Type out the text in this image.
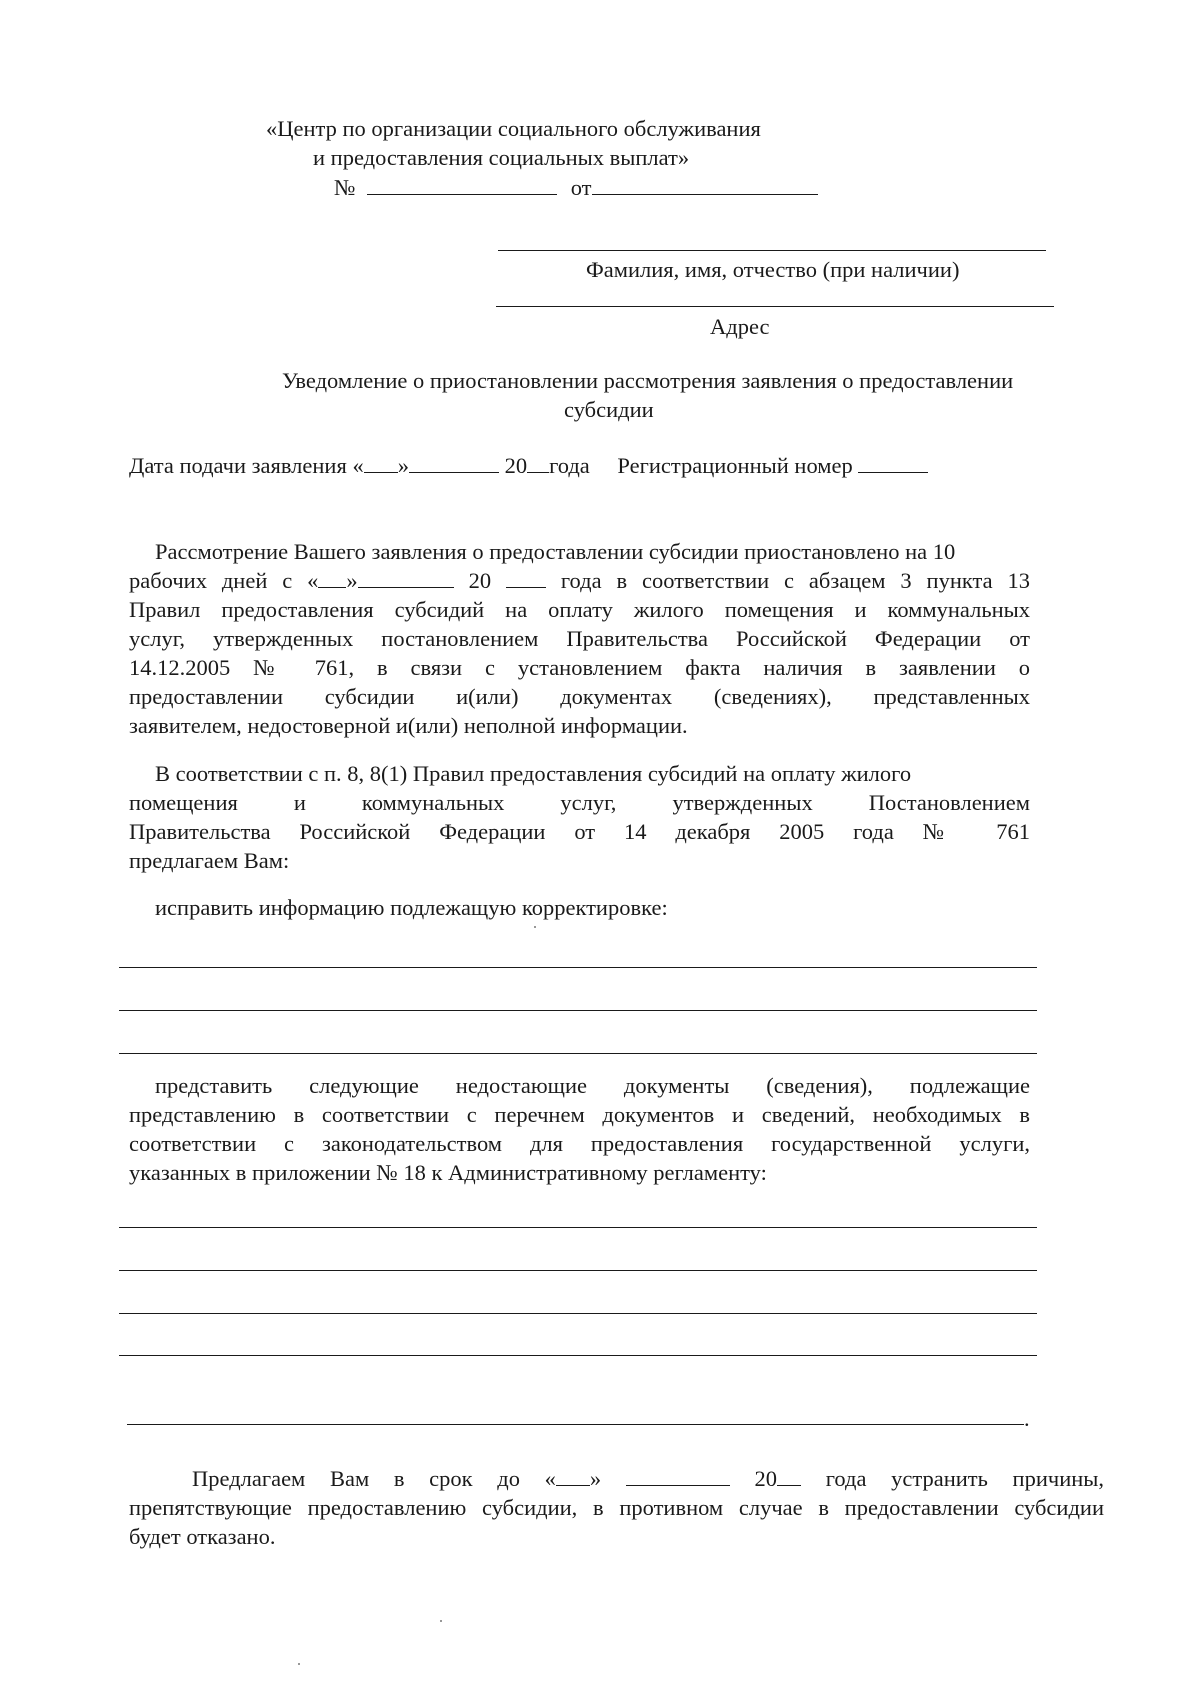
«Центр по организации социального обслуживания
и предоставления социальных выплат»
№	от
Фамилия, имя, отчество (при наличии)
Адрес
Уведомление о приостановлении рассмотрения заявления о предоставлении
субсидии
Дата подачи заявления « »	20 года Регистрационный номер
Рассмотрение Вашего заявления о предоставлении субсидии приостановлено на 10
рабочих дней с « »	20	года в соответствии с абзацем 3 пункта 13
Правил предоставления субсидий на оплату жилого помещения и коммунальных
услуг, утвержденных постановлением Правительства Российской Федерации от
14.12.2005 № 761, в связи с установлением факта наличия в заявлении о
предоставлении субсидии и(или) документах (сведениях), представленных
заявителем, недостоверной и(или) неполной информации.
В соответствии с п. 8, 8(1) Правил предоставления субсидий на оплату жилого
помещения и коммунальных услуг, утвержденных Постановлением
Правительства Российской Федерации от 14 декабря 2005 года № 761
предлагаем Вам:
исправить информацию подлежащую корректировке:
представить следующие недостающие документы (сведения), подлежащие
представлению в соответствии с перечнем документов и сведений, необходимых в
соответствии с законодательством для предоставления государственной услуги,
указанных в приложении № 18 к Административному регламенту:
.
Предлагаем Вам в срок до « »	20 года устранить причины,
препятствующие предоставлению субсидии, в противном случае в предоставлении субсидии
будет отказано.
